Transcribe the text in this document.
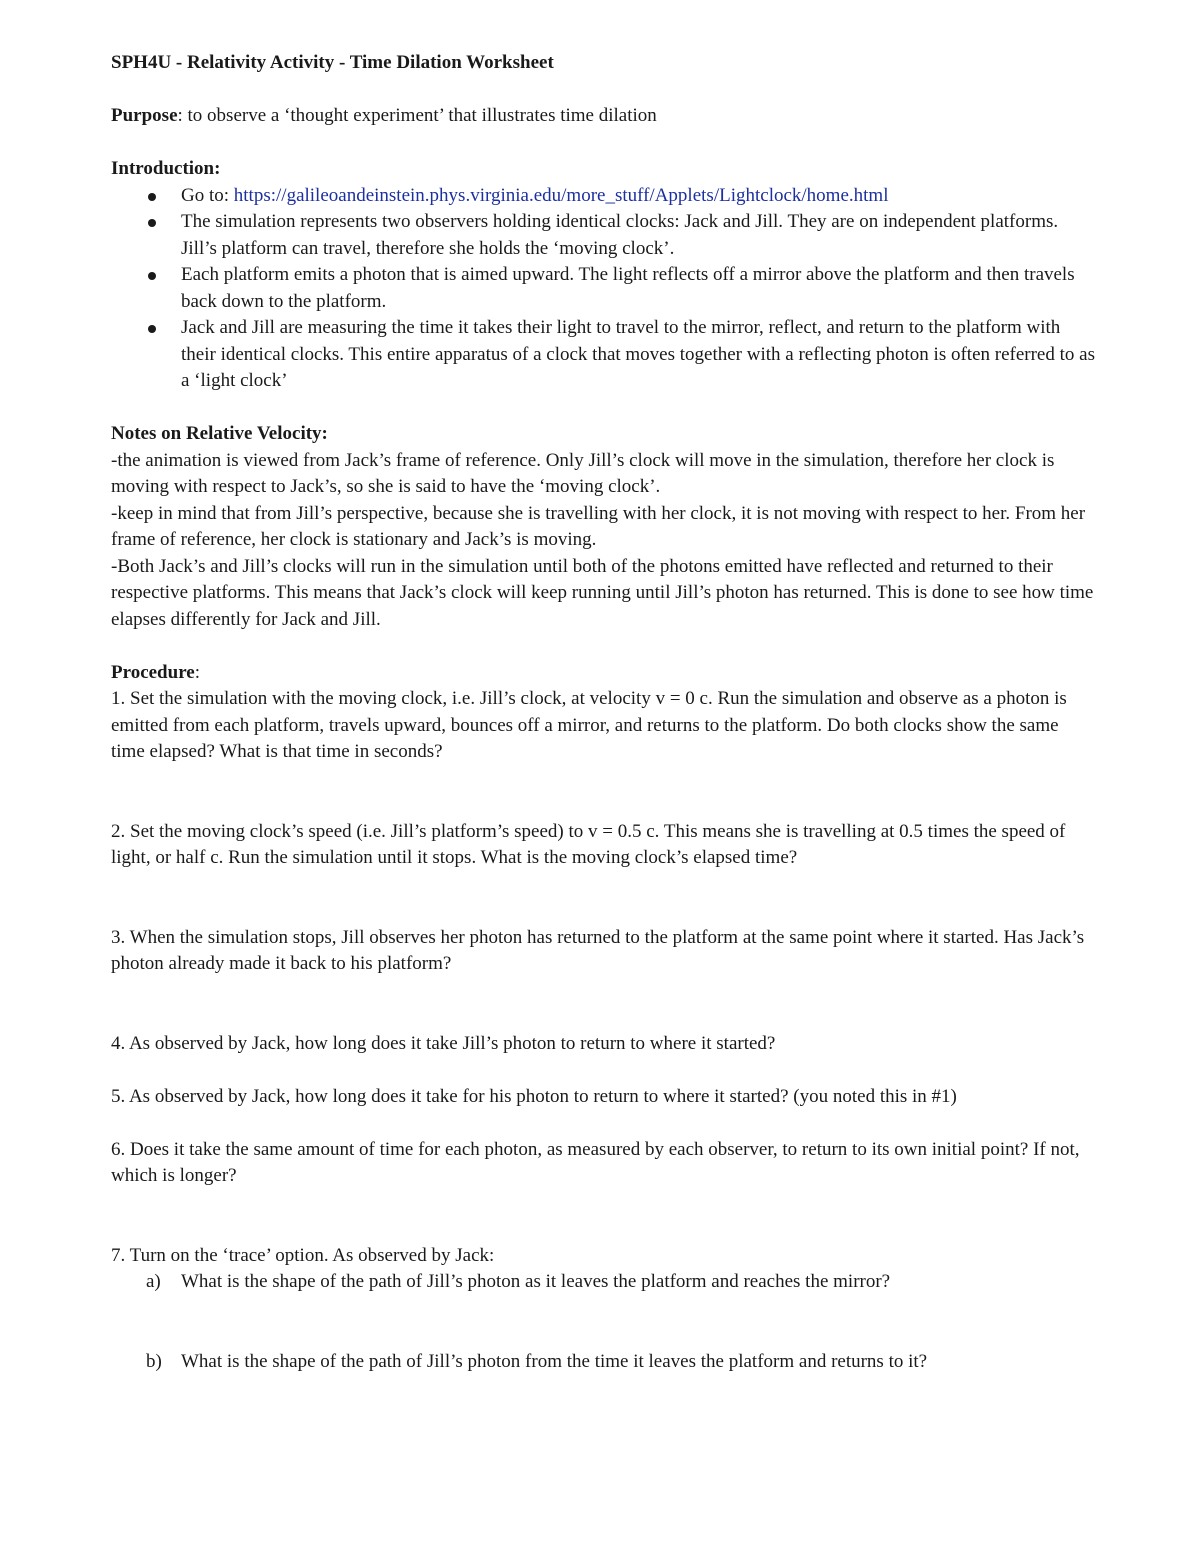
SPH4U - Relativity Activity - Time Dilation Worksheet

Purpose: to observe a ‘thought experiment’ that illustrates time dilation

Introduction:

Go to: https://galileoandeinstein.phys.virginia.edu/more_stuff/Applets/Lightclock/home.html
The simulation represents two observers holding identical clocks: Jack and Jill. They are on independent platforms. Jill’s platform can travel, therefore she holds the ‘moving clock’.
Each platform emits a photon that is aimed upward. The light reflects off a mirror above the platform and then travels back down to the platform.
Jack and Jill are measuring the time it takes their light to travel to the mirror, reflect, and return to the platform with their identical clocks. This entire apparatus of a clock that moves together with a reflecting photon is often referred to as a ‘light clock’

Notes on Relative Velocity:

-the animation is viewed from Jack’s frame of reference. Only Jill’s clock will move in the simulation, therefore her clock is moving with respect to Jack’s, so she is said to have the ‘moving clock’.

-keep in mind that from Jill’s perspective, because she is travelling with her clock, it is not moving with respect to her. From her frame of reference, her clock is stationary and Jack’s is moving.

-Both Jack’s and Jill’s clocks will run in the simulation until both of the photons emitted have reflected and returned to their respective platforms. This means that Jack’s clock will keep running until Jill’s photon has returned. This is done to see how time elapses differently for Jack and Jill.

Procedure:

1. Set the simulation with the moving clock, i.e. Jill’s clock, at velocity v = 0 c. Run the simulation and observe as a photon is emitted from each platform, travels upward, bounces off a mirror, and returns to the platform. Do both clocks show the same time elapsed? What is that time in seconds?

2. Set the moving clock’s speed (i.e. Jill’s platform’s speed) to v = 0.5 c. This means she is travelling at 0.5 times the speed of light, or half c. Run the simulation until it stops. What is the moving clock’s elapsed time?

3. When the simulation stops, Jill observes her photon has returned to the platform at the same point where it started. Has Jack’s photon already made it back to his platform?

4. As observed by Jack, how long does it take Jill’s photon to return to where it started?

5. As observed by Jack, how long does it take for his photon to return to where it started? (you noted this in #1)

6. Does it take the same amount of time for each photon, as measured by each observer, to return to its own initial point? If not, which is longer?

7. Turn on the ‘trace’ option. As observed by Jack:

a) What is the shape of the path of Jill’s photon as it leaves the platform and reaches the mirror?

b) What is the shape of the path of Jill’s photon from the time it leaves the platform and returns to it?
